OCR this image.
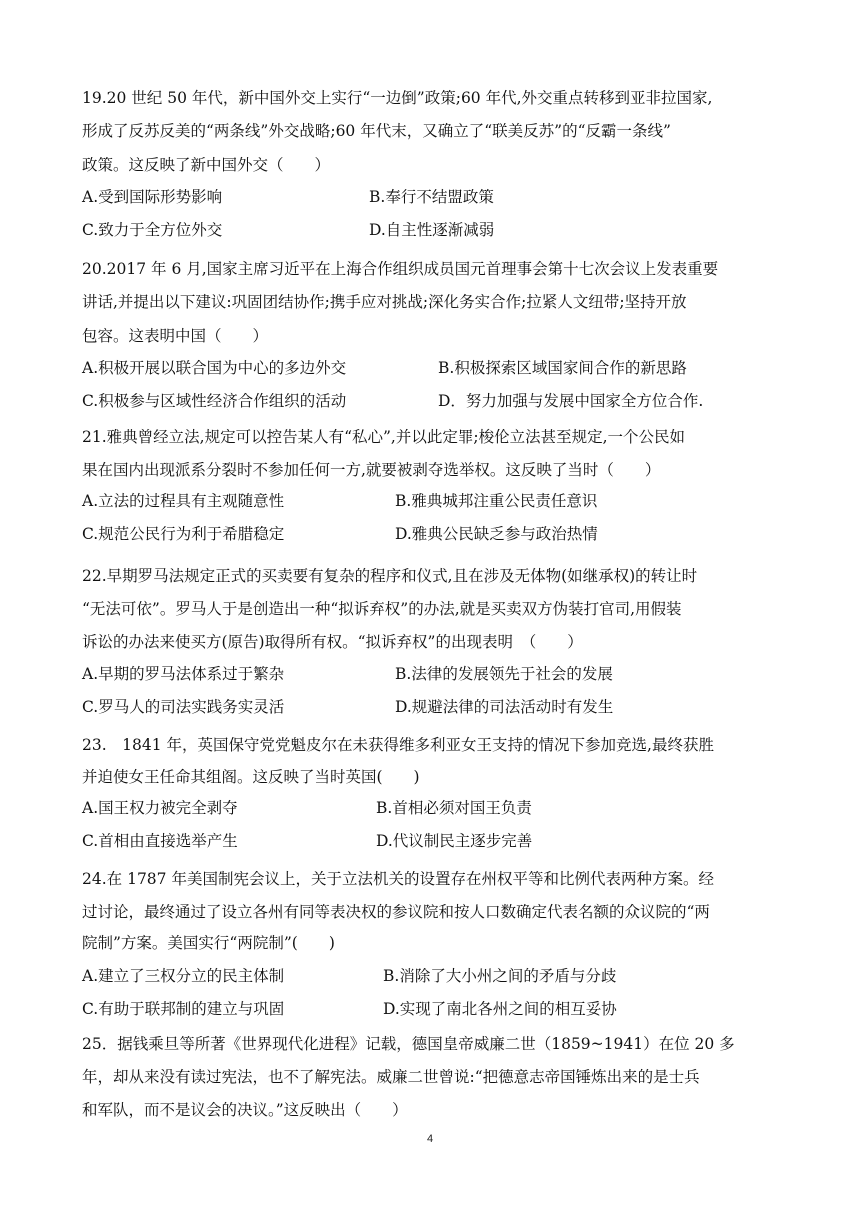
19.20 世纪 50 年代，新中国外交上实行“一边倒”政策;60 年代,外交重点转移到亚非拉国家,
形成了反苏反美的“两条线”外交战略;60 年代末，又确立了“联美反苏”的“反霸一条线”
政策。这反映了新中国外交（　　）
A.受到国际形势影响	B.奉行不结盟政策
C.致力于全方位外交	D.自主性逐渐减弱
20.2017 年 6 月,国家主席习近平在上海合作组织成员国元首理事会第十七次会议上发表重要
讲话,并提出以下建议:巩固团结协作;携手应对挑战;深化务实合作;拉紧人文纽带;坚持开放
包容。这表明中国（　　）
A.积极开展以联合国为中心的多边外交	B.积极探索区域国家间合作的新思路
C.积极参与区域性经济合作组织的活动	D．努力加强与发展中国家全方位合作.
21.雅典曾经立法,规定可以控告某人有“私心”,并以此定罪;梭伦立法甚至规定,一个公民如
果在国内出现派系分裂时不参加任何一方,就要被剥夺选举权。这反映了当时（　　）
A.立法的过程具有主观随意性	B.雅典城邦注重公民责任意识
C.规范公民行为利于希腊稳定	D.雅典公民缺乏参与政治热情
22.早期罗马法规定正式的买卖要有复杂的程序和仪式,且在涉及无体物(如继承权)的转让时
“无法可依”。罗马人于是创造出一种“拟诉弃权”的办法,就是买卖双方伪装打官司,用假装
诉讼的办法来使买方(原告)取得所有权。“拟诉弃权”的出现表明　（　　）
A.早期的罗马法体系过于繁杂	B.法律的发展领先于社会的发展
C.罗马人的司法实践务实灵活	D.规避法律的司法活动时有发生
23.　1841 年，英国保守党党魁皮尔在未获得维多利亚女王支持的情况下参加竞选,最终获胜
并迫使女王任命其组阁。这反映了当时英国(　　)
A.国王权力被完全剥夺	B.首相必须对国王负责
C.首相由直接选举产生	D.代议制民主逐步完善
24.在 1787 年美国制宪会议上，关于立法机关的设置存在州权平等和比例代表两种方案。经
过讨论，最终通过了设立各州有同等表决权的参议院和按人口数确定代表名额的众议院的“两
院制”方案。美国实行“两院制”(　　)
A.建立了三权分立的民主体制	B.消除了大小州之间的矛盾与分歧
C.有助于联邦制的建立与巩固	D.实现了南北各州之间的相互妥协
25．据钱乘旦等所著《世界现代化进程》记载，德国皇帝威廉二世（1859~1941）在位 20 多
年，却从来没有读过宪法，也不了解宪法。威廉二世曾说:“把德意志帝国锤炼出来的是士兵
和军队，而不是议会的决议。”这反映出（　　）
4
